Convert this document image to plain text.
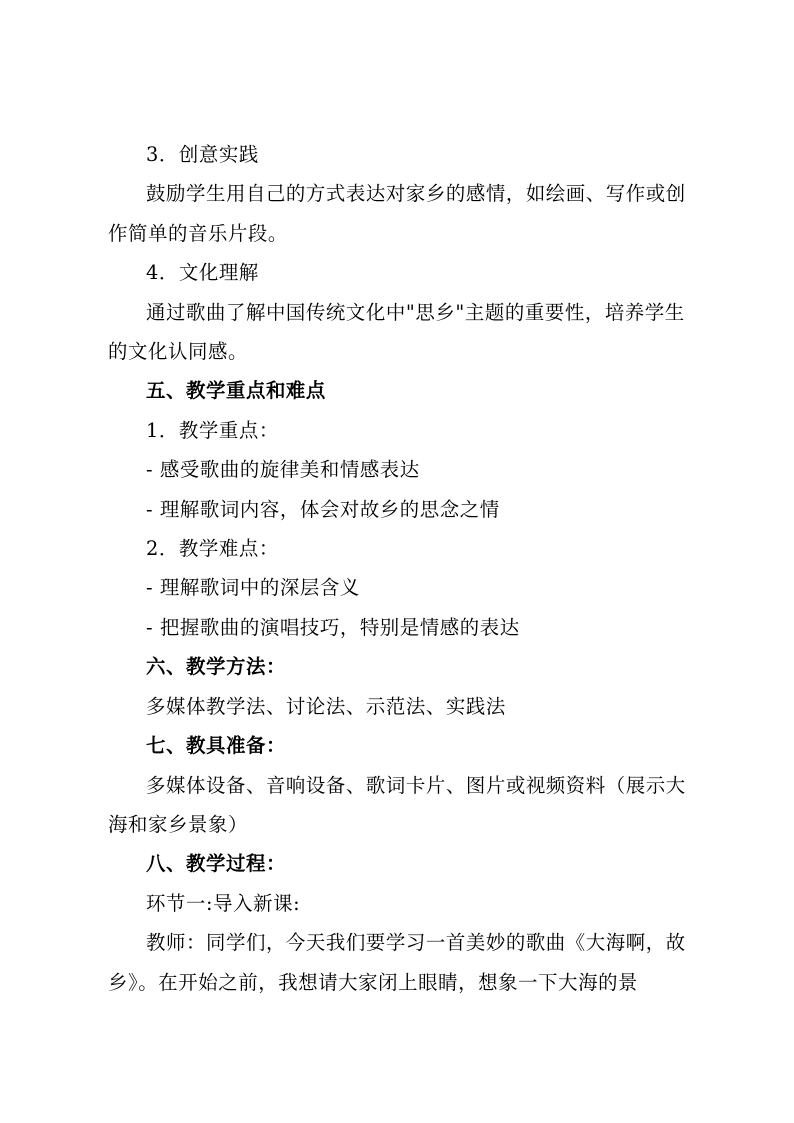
3．创意实践

鼓励学生用自己的方式表达对家乡的感情，如绘画、写作或创作简单的音乐片段。

4．文化理解

通过歌曲了解中国传统文化中"思乡"主题的重要性，培养学生的文化认同感。

五、教学重点和难点

1．教学重点：

- 感受歌曲的旋律美和情感表达

- 理解歌词内容，体会对故乡的思念之情

2．教学难点：

- 理解歌词中的深层含义

- 把握歌曲的演唱技巧，特别是情感的表达

六、教学方法：

多媒体教学法、讨论法、示范法、实践法

七、教具准备：

多媒体设备、音响设备、歌词卡片、图片或视频资料（展示大海和家乡景象）

八、教学过程：

环节一:导入新课:

教师：同学们，今天我们要学习一首美妙的歌曲《大海啊，故乡》。在开始之前，我想请大家闭上眼睛，想象一下大海的景
